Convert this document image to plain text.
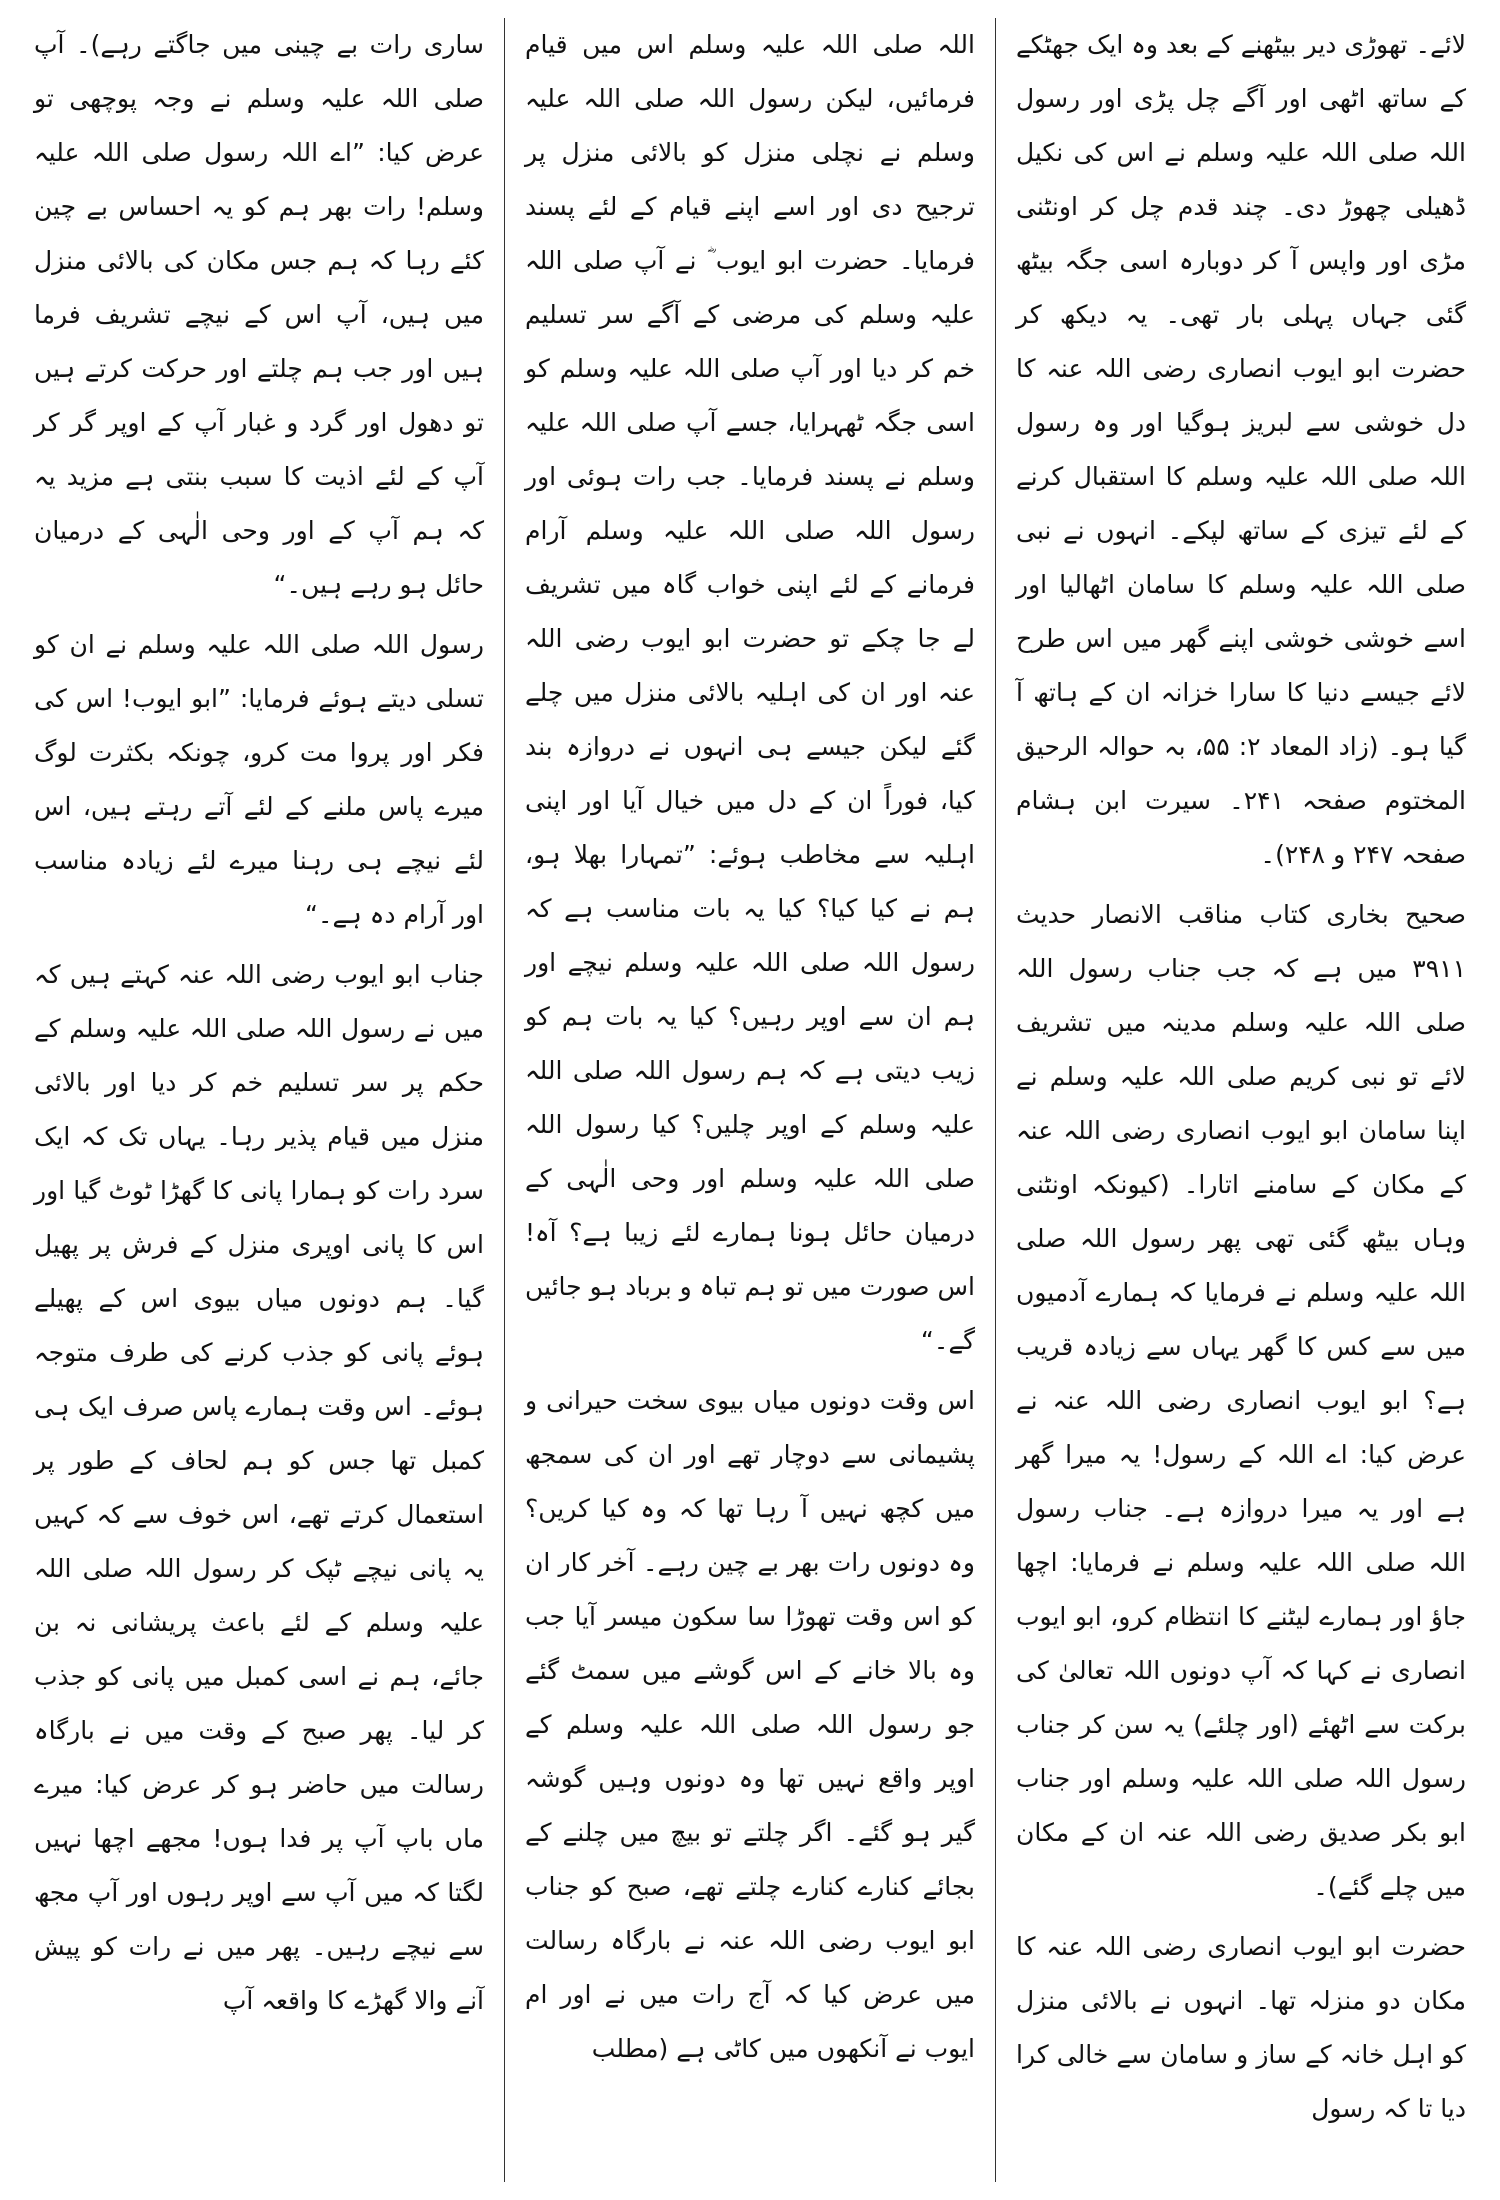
لائے۔ تھوڑی دیر بیٹھنے کے بعد وہ ایک جھٹکے کے ساتھ اٹھی اور آگے چل پڑی اور رسول اللہ صلی اللہ علیہ وسلم نے اس کی نکیل ڈھیلی چھوڑ دی۔ چند قدم چل کر اونٹنی مڑی اور واپس آ کر دوبارہ اسی جگہ بیٹھ گئی جہاں پہلی بار تھی۔ یہ دیکھ کر حضرت ابو ایوب انصاری رضی اللہ عنہ کا دل خوشی سے لبریز ہوگیا اور وہ رسول اللہ صلی اللہ علیہ وسلم کا استقبال کرنے کے لئے تیزی کے ساتھ لپکے۔ انہوں نے نبی صلی اللہ علیہ وسلم کا سامان اٹھالیا اور اسے خوشی خوشی اپنے گھر میں اس طرح لائے جیسے دنیا کا سارا خزانہ ان کے ہاتھ آ گیا ہو۔ (زاد المعاد ۲: ۵۵، بہ حوالہ الرحیق المختوم صفحہ ۲۴۱۔ سیرت ابن ہشام صفحہ ۲۴۷ و ۲۴۸)۔

صحیح بخاری کتاب مناقب الانصار حدیث ۳۹۱۱ میں ہے کہ جب جناب رسول اللہ صلی اللہ علیہ وسلم مدینہ میں تشریف لائے تو نبی کریم صلی اللہ علیہ وسلم نے اپنا سامان ابو ایوب انصاری رضی اللہ عنہ کے مکان کے سامنے اتارا۔ (کیونکہ اونٹنی وہاں بیٹھ گئی تھی پھر رسول اللہ صلی اللہ علیہ وسلم نے فرمایا کہ ہمارے آدمیوں میں سے کس کا گھر یہاں سے زیادہ قریب ہے؟ ابو ایوب انصاری رضی اللہ عنہ نے عرض کیا: اے اللہ کے رسول! یہ میرا گھر ہے اور یہ میرا دروازہ ہے۔ جناب رسول اللہ صلی اللہ علیہ وسلم نے فرمایا: اچھا جاؤ اور ہمارے لیٹنے کا انتظام کرو، ابو ایوب انصاری نے کہا کہ آپ دونوں اللہ تعالیٰ کی برکت سے اٹھئے (اور چلئے) یہ سن کر جناب رسول اللہ صلی اللہ علیہ وسلم اور جناب ابو بکر صدیق رضی اللہ عنہ ان کے مکان میں چلے گئے)۔

حضرت ابو ایوب انصاری رضی اللہ عنہ کا مکان دو منزلہ تھا۔ انہوں نے بالائی منزل کو اہل خانہ کے ساز و سامان سے خالی کرا دیا تا کہ رسول

اللہ صلی اللہ علیہ وسلم اس میں قیام فرمائیں، لیکن رسول اللہ صلی اللہ علیہ وسلم نے نچلی منزل کو بالائی منزل پر ترجیح دی اور اسے اپنے قیام کے لئے پسند فرمایا۔ حضرت ابو ایوب ؓ نے آپ صلی اللہ علیہ وسلم کی مرضی کے آگے سر تسلیم خم کر دیا اور آپ صلی اللہ علیہ وسلم کو اسی جگہ ٹھہرایا، جسے آپ صلی اللہ علیہ وسلم نے پسند فرمایا۔ جب رات ہوئی اور رسول اللہ صلی اللہ علیہ وسلم آرام فرمانے کے لئے اپنی خواب گاہ میں تشریف لے جا چکے تو حضرت ابو ایوب رضی اللہ عنہ اور ان کی اہلیہ بالائی منزل میں چلے گئے لیکن جیسے ہی انہوں نے دروازہ بند کیا، فوراً ان کے دل میں خیال آیا اور اپنی اہلیہ سے مخاطب ہوئے: ”تمہارا بھلا ہو، ہم نے کیا کیا؟ کیا یہ بات مناسب ہے کہ رسول اللہ صلی اللہ علیہ وسلم نیچے اور ہم ان سے اوپر رہیں؟ کیا یہ بات ہم کو زیب دیتی ہے کہ ہم رسول اللہ صلی اللہ علیہ وسلم کے اوپر چلیں؟ کیا رسول اللہ صلی اللہ علیہ وسلم اور وحی الٰہی کے درمیان حائل ہونا ہمارے لئے زیبا ہے؟ آہ! اس صورت میں تو ہم تباہ و برباد ہو جائیں گے۔“

اس وقت دونوں میاں بیوی سخت حیرانی و پشیمانی سے دوچار تھے اور ان کی سمجھ میں کچھ نہیں آ رہا تھا کہ وہ کیا کریں؟ وہ دونوں رات بھر بے چین رہے۔ آخر کار ان کو اس وقت تھوڑا سا سکون میسر آیا جب وہ بالا خانے کے اس گوشے میں سمٹ گئے جو رسول اللہ صلی اللہ علیہ وسلم کے اوپر واقع نہیں تھا وہ دونوں وہیں گوشہ گیر ہو گئے۔ اگر چلتے تو بیچ میں چلنے کے بجائے کنارے کنارے چلتے تھے، صبح کو جناب ابو ایوب رضی اللہ عنہ نے بارگاہ رسالت میں عرض کیا کہ آج رات میں نے اور ام ایوب نے آنکھوں میں کاٹی ہے (مطلب

ساری رات بے چینی میں جاگتے رہے)۔ آپ صلی اللہ علیہ وسلم نے وجہ پوچھی تو عرض کیا: ”اے اللہ رسول صلی اللہ علیہ وسلم! رات بھر ہم کو یہ احساس بے چین کئے رہا کہ ہم جس مکان کی بالائی منزل میں ہیں، آپ اس کے نیچے تشریف فرما ہیں اور جب ہم چلتے اور حرکت کرتے ہیں تو دھول اور گرد و غبار آپ کے اوپر گر کر آپ کے لئے اذیت کا سبب بنتی ہے مزید یہ کہ ہم آپ کے اور وحی الٰہی کے درمیان حائل ہو رہے ہیں۔“

رسول اللہ صلی اللہ علیہ وسلم نے ان کو تسلی دیتے ہوئے فرمایا: ”ابو ایوب! اس کی فکر اور پروا مت کرو، چونکہ بکثرت لوگ میرے پاس ملنے کے لئے آتے رہتے ہیں، اس لئے نیچے ہی رہنا میرے لئے زیادہ مناسب اور آرام دہ ہے۔“

جناب ابو ایوب رضی اللہ عنہ کہتے ہیں کہ میں نے رسول اللہ صلی اللہ علیہ وسلم کے حکم پر سر تسلیم خم کر دیا اور بالائی منزل میں قیام پذیر رہا۔ یہاں تک کہ ایک سرد رات کو ہمارا پانی کا گھڑا ٹوٹ گیا اور اس کا پانی اوپری منزل کے فرش پر پھیل گیا۔ ہم دونوں میاں بیوی اس کے پھیلے ہوئے پانی کو جذب کرنے کی طرف متوجہ ہوئے۔ اس وقت ہمارے پاس صرف ایک ہی کمبل تھا جس کو ہم لحاف کے طور پر استعمال کرتے تھے، اس خوف سے کہ کہیں یہ پانی نیچے ٹپک کر رسول اللہ صلی اللہ علیہ وسلم کے لئے باعث پریشانی نہ بن جائے، ہم نے اسی کمبل میں پانی کو جذب کر لیا۔ پھر صبح کے وقت میں نے بارگاہ رسالت میں حاضر ہو کر عرض کیا: میرے ماں باپ آپ پر فدا ہوں! مجھے اچھا نہیں لگتا کہ میں آپ سے اوپر رہوں اور آپ مجھ سے نیچے رہیں۔ پھر میں نے رات کو پیش آنے والا گھڑے کا واقعہ آپ
